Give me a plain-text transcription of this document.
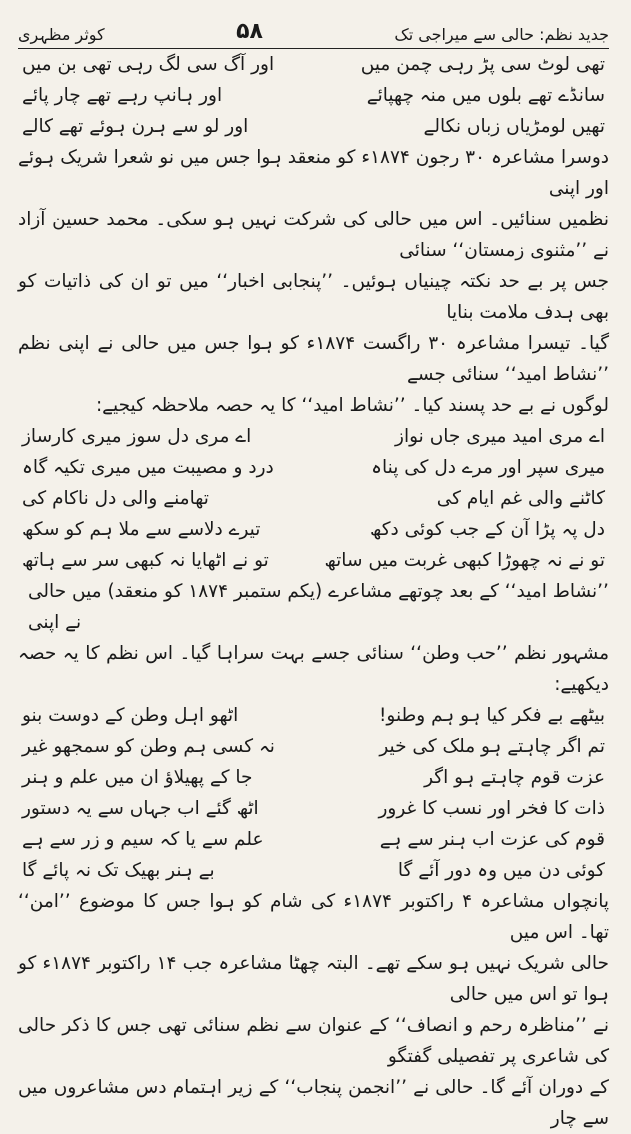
جدید نظم: حالی سے میراجی تک
۵۸
کوثر مظہری
تھی لوٹ سی پڑ رہی چمن میں
اور آگ سی لگ رہی تھی بن میں
سانڈے تھے بلوں میں منہ چھپائے
اور ہانپ رہے تھے چار پائے
تھیں لومڑیاں زباں نکالے
اور لو سے ہرن ہوئے تھے کالے
دوسرا مشاعرہ ۳۰ رجون ۱۸۷۴ء کو منعقد ہوا جس میں نو شعرا شریک ہوئے اور اپنی
نظمیں سنائیں۔ اس میں حالی کی شرکت نہیں ہو سکی۔ محمد حسین آزاد نے ’’مثنوی زمستان‘‘ سنائی
جس پر بے حد نکتہ چینیاں ہوئیں۔ ’’پنجابی اخبار‘‘ میں تو ان کی ذاتیات کو بھی ہدف ملامت بنایا
گیا۔ تیسرا مشاعرہ ۳۰ راگست ۱۸۷۴ء کو ہوا جس میں حالی نے اپنی نظم ’’نشاط امید‘‘ سنائی جسے
لوگوں نے بے حد پسند کیا۔ ’’نشاط امید‘‘ کا یہ حصہ ملاحظہ کیجیے:
اے مری امید میری جاں نواز
اے مری دل سوز میری کارساز
میری سپر اور مرے دل کی پناہ
درد و مصیبت میں میری تکیہ گاہ
کاٹنے والی غم ایام کی
تھامنے والی دل ناکام کی
دل پہ پڑا آن کے جب کوئی دکھ
تیرے دلاسے سے ملا ہم کو سکھ
تو نے نہ چھوڑا کبھی غربت میں ساتھ
تو نے اٹھایا نہ کبھی سر سے ہاتھ
’’نشاط امید‘‘ کے بعد چوتھے مشاعرے (یکم ستمبر ۱۸۷۴ کو منعقد) میں حالی نے اپنی
مشہور نظم ’’حب وطن‘‘ سنائی جسے بہت سراہا گیا۔ اس نظم کا یہ حصہ دیکھیے:
بیٹھے بے فکر کیا ہو ہم وطنو!
اٹھو اہل وطن کے دوست بنو
تم اگر چاہتے ہو ملک کی خیر
نہ کسی ہم وطن کو سمجھو غیر
عزت قوم چاہتے ہو اگر
جا کے پھیلاؤ ان میں علم و ہنر
ذات کا فخر اور نسب کا غرور
اٹھ گئے اب جہاں سے یہ دستور
قوم کی عزت اب ہنر سے ہے
علم سے یا کہ سیم و زر سے ہے
کوئی دن میں وہ دور آئے گا
بے ہنر بھیک تک نہ پائے گا
پانچواں مشاعرہ ۴ راکتوبر ۱۸۷۴ء کی شام کو ہوا جس کا موضوع ’’امن‘‘ تھا۔ اس میں
حالی شریک نہیں ہو سکے تھے۔ البتہ چھٹا مشاعرہ جب ۱۴ راکتوبر ۱۸۷۴ء کو ہوا تو اس میں حالی
نے ’’مناظرہ رحم و انصاف‘‘ کے عنوان سے نظم سنائی تھی جس کا ذکر حالی کی شاعری پر تفصیلی گفتگو
کے دوران آئے گا۔ حالی نے ’’انجمن پنجاب‘‘ کے زیر اہتمام دس مشاعروں میں سے چار
